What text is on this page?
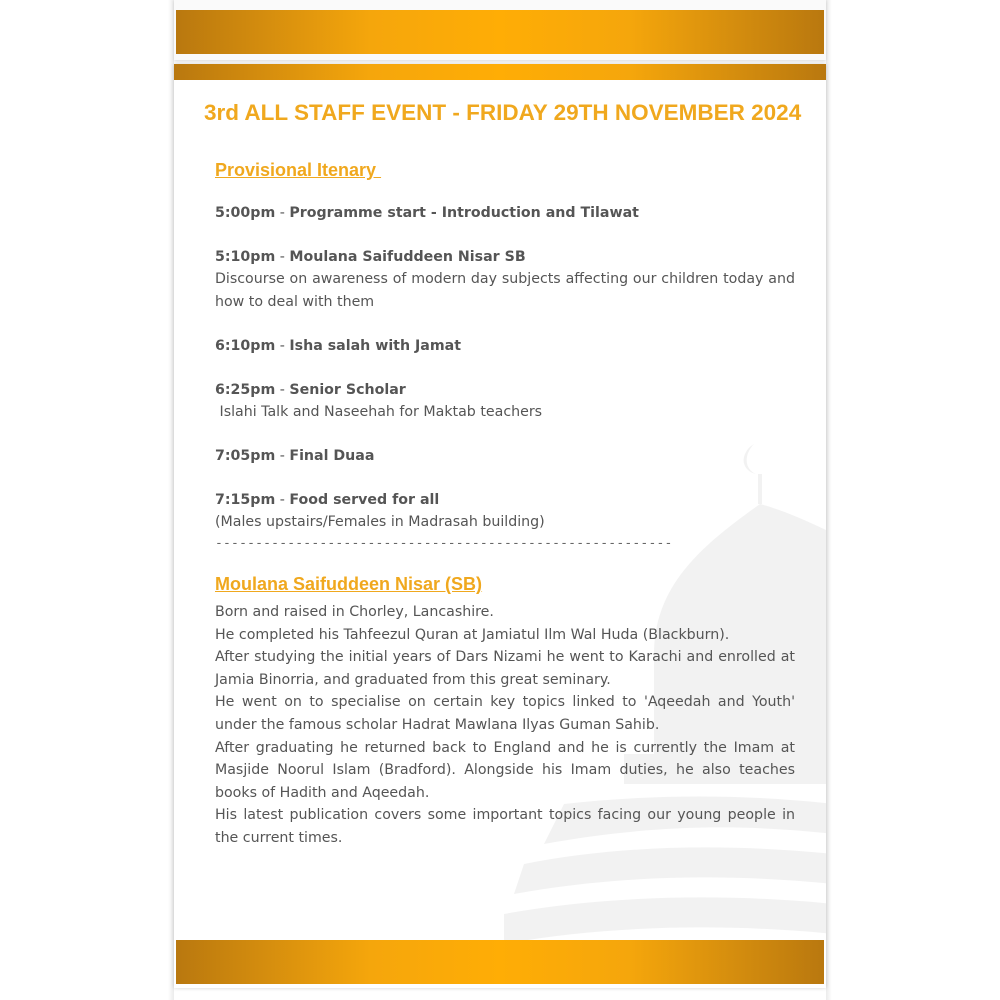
3rd ALL STAFF EVENT - FRIDAY 29TH NOVEMBER 2024
Provisional Itenary
5:00pm - Programme start - Introduction and Tilawat
5:10pm - Moulana Saifuddeen Nisar SB
Discourse on awareness of modern day subjects affecting our children today and how to deal with them
6:10pm - Isha salah with Jamat
6:25pm - Senior Scholar
Islahi Talk and Naseehah for Maktab teachers
7:05pm - Final Duaa
7:15pm - Food served for all
(Males upstairs/Females in Madrasah building)
---------------------------------------------------------
Moulana Saifuddeen Nisar (SB)
Born and raised in Chorley, Lancashire.
He completed his Tahfeezul Quran at Jamiatul Ilm Wal Huda (Blackburn).
After studying the initial years of Dars Nizami he went to Karachi and enrolled at Jamia Binorria, and graduated from this great seminary.
He went on to specialise on certain key topics linked to 'Aqeedah and Youth' under the famous scholar Hadrat Mawlana Ilyas Guman Sahib.
After graduating he returned back to England and he is currently the Imam at Masjide Noorul Islam (Bradford). Alongside his Imam duties, he also teaches books of Hadith and Aqeedah.
His latest publication covers some important topics facing our young people in the current times.
